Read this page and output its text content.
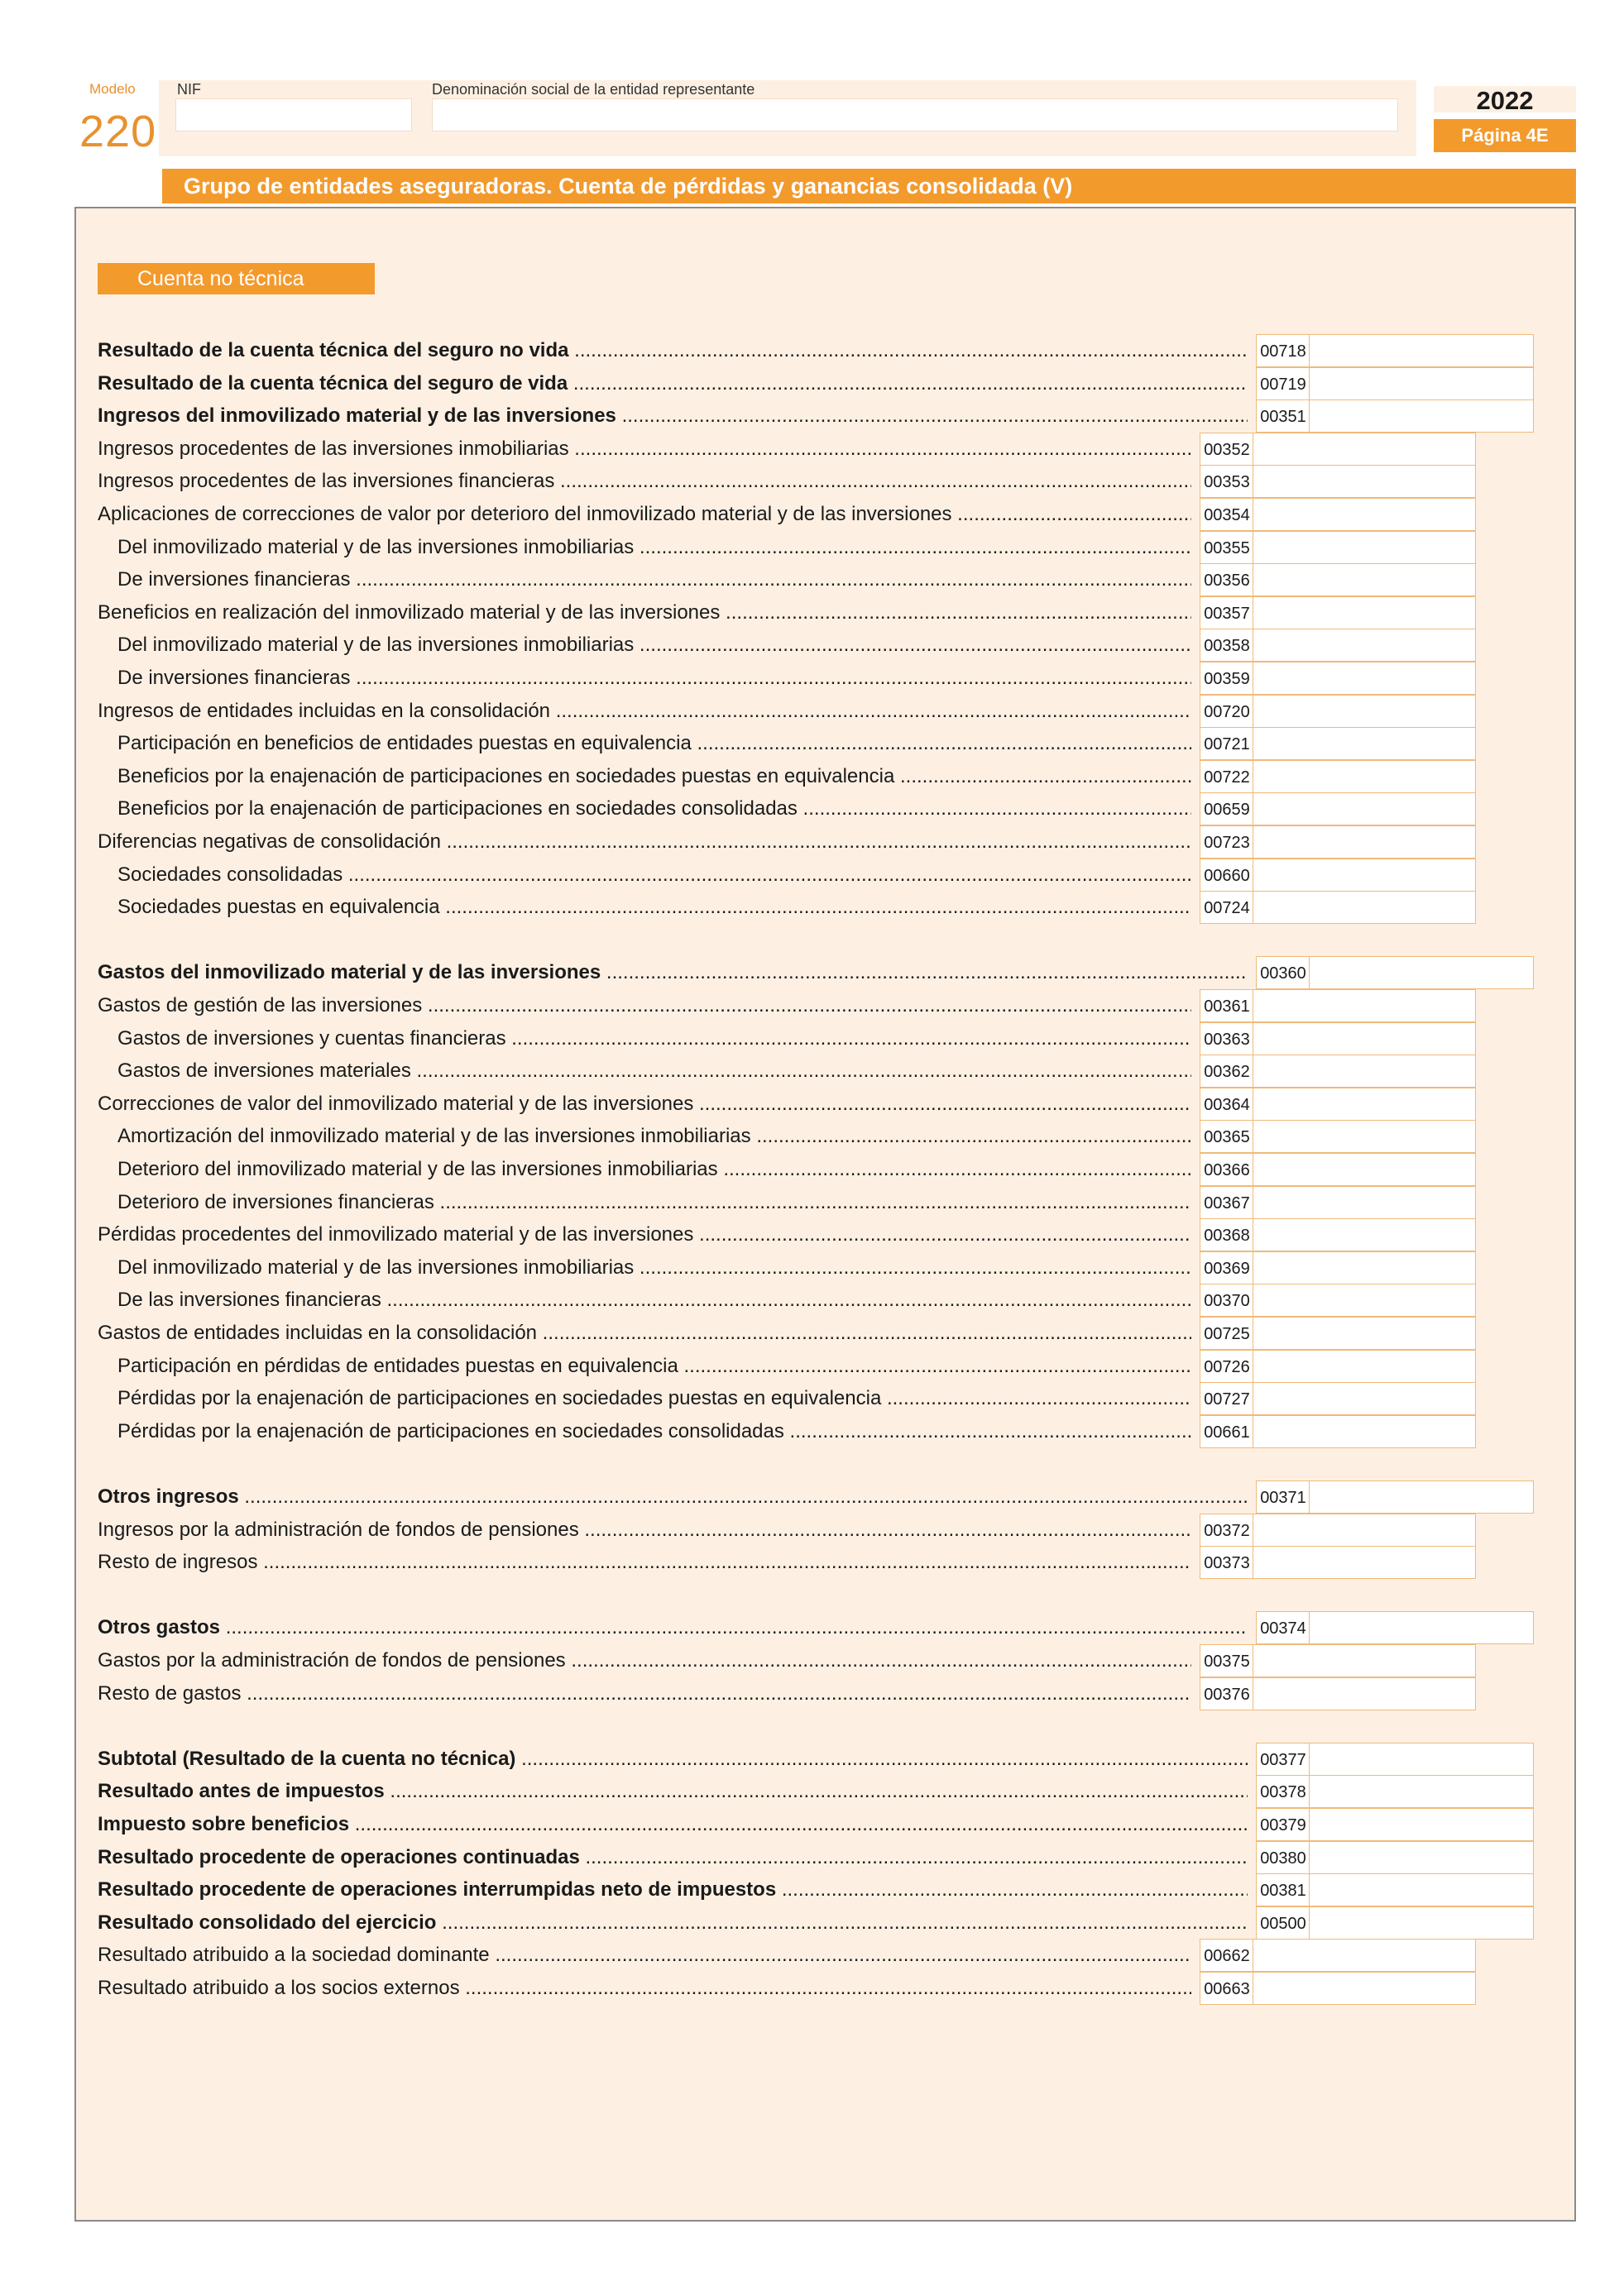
Modelo
220
NIF	Denominación social de la entidad representante	2022
Página 4E
Grupo de entidades aseguradoras. Cuenta de pérdidas y ganancias consolidada (V)
Cuenta no técnica
Resultado de la cuenta técnica del seguro no vida .....	00718
Resultado de la cuenta técnica del seguro de vida .....	00719
Ingresos del inmovilizado material y de las inversiones .....	00351
Ingresos procedentes de las inversiones inmobiliarias .....	00352
Ingresos procedentes de las inversiones financieras .....	00353
Aplicaciones de correcciones de valor por deterioro del inmovilizado material y de las inversiones .....	00354
Del inmovilizado material y de las inversiones inmobiliarias .....	00355
De inversiones financieras .....	00356
Beneficios en realización del inmovilizado material y de las inversiones .....	00357
Del inmovilizado material y de las inversiones inmobiliarias .....	00358
De inversiones financieras .....	00359
Ingresos de entidades incluidas en la consolidación .....	00720
Participación en beneficios de entidades puestas en equivalencia .....	00721
Beneficios por la enajenación de participaciones en sociedades puestas en equivalencia .....	00722
Beneficios por la enajenación de participaciones en sociedades consolidadas .....	00659
Diferencias negativas de consolidación .....	00723
Sociedades consolidadas .....	00660
Sociedades puestas en equivalencia .....	00724
Gastos del inmovilizado material y de las inversiones .....	00360
Gastos de gestión de las inversiones .....	00361
Gastos de inversiones y cuentas financieras .....	00363
Gastos de inversiones materiales .....	00362
Correcciones de valor del inmovilizado material y de las inversiones .....	00364
Amortización del inmovilizado material y de las inversiones inmobiliarias .....	00365
Deterioro del inmovilizado material y de las inversiones inmobiliarias .....	00366
Deterioro de inversiones financieras .....	00367
Pérdidas procedentes del inmovilizado material y de las inversiones .....	00368
Del inmovilizado material y de las inversiones inmobiliarias .....	00369
De las inversiones financieras .....	00370
Gastos de entidades incluidas en la consolidación .....	00725
Participación en pérdidas de entidades puestas en equivalencia .....	00726
Pérdidas por la enajenación de participaciones en sociedades puestas en equivalencia .....	00727
Pérdidas por la enajenación de participaciones en sociedades consolidadas .....	00661
Otros ingresos .....	00371
Ingresos por la administración de fondos de pensiones .....	00372
Resto de ingresos .....	00373
Otros gastos .....	00374
Gastos por la administración de fondos de pensiones .....	00375
Resto de gastos .....	00376
Subtotal (Resultado de la cuenta no técnica) .....	00377
Resultado antes de impuestos .....	00378
Impuesto sobre beneficios .....	00379
Resultado procedente de operaciones continuadas .....	00380
Resultado procedente de operaciones interrumpidas neto de impuestos .....	00381
Resultado consolidado del ejercicio .....	00500
Resultado atribuido a la sociedad dominante .....	00662
Resultado atribuido a los socios externos .....	00663
